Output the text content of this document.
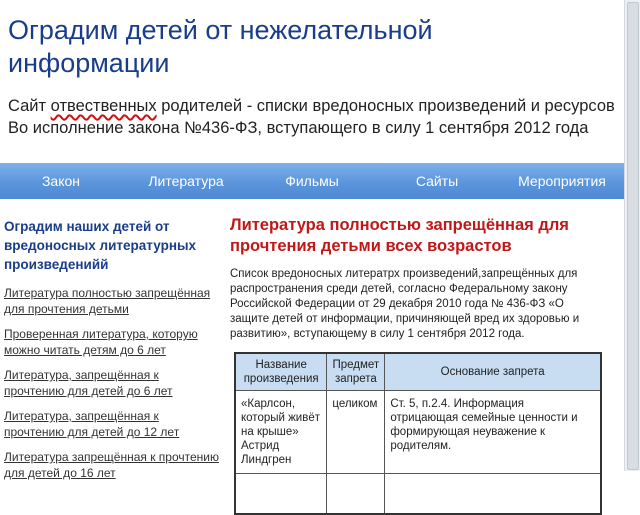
Оградим детей от нежелательной информации
Сайт отвественных родителей - списки вредоносных произведений и ресурсов
Во исполнение закона №436-ФЗ, вступающего в силу 1 сентября 2012 года
Закон	Литература	Фильмы	Сайты	Мероприятия
Оградим наших детей от вредоносных литературных произведенийй
Литература полностью запрещённая для прочтения детьми
Проверенная литература, которую можно читать детям до 6 лет
Литература, запрещённая к прочтению для детей до 6 лет
Литература, запрещённая к прочтению для детей до 12 лет
Литература запрещённая к прочтению для детей до 16 лет
Литература полностью запрещённая для прочтения детьми всех возрастов

Список вредоносных литератрх произведений,запрещённых для распространения среди детей, согласно Федеральному закону Российской Федерации от 29 декабря 2010 года № 436-ФЗ «О защите детей от информации, причиняющей вред их здоровью и развитию», вступающему в силу 1 сентября 2012 года.

Название произведения	Предмет запрета	Основание запрета
«Карлсон, который живёт на крыше» Астрид Линдгрен	целиком	Ст. 5, п.2.4. Информация отрицающая семейные ценности и формирующая неуважение к родителям.
